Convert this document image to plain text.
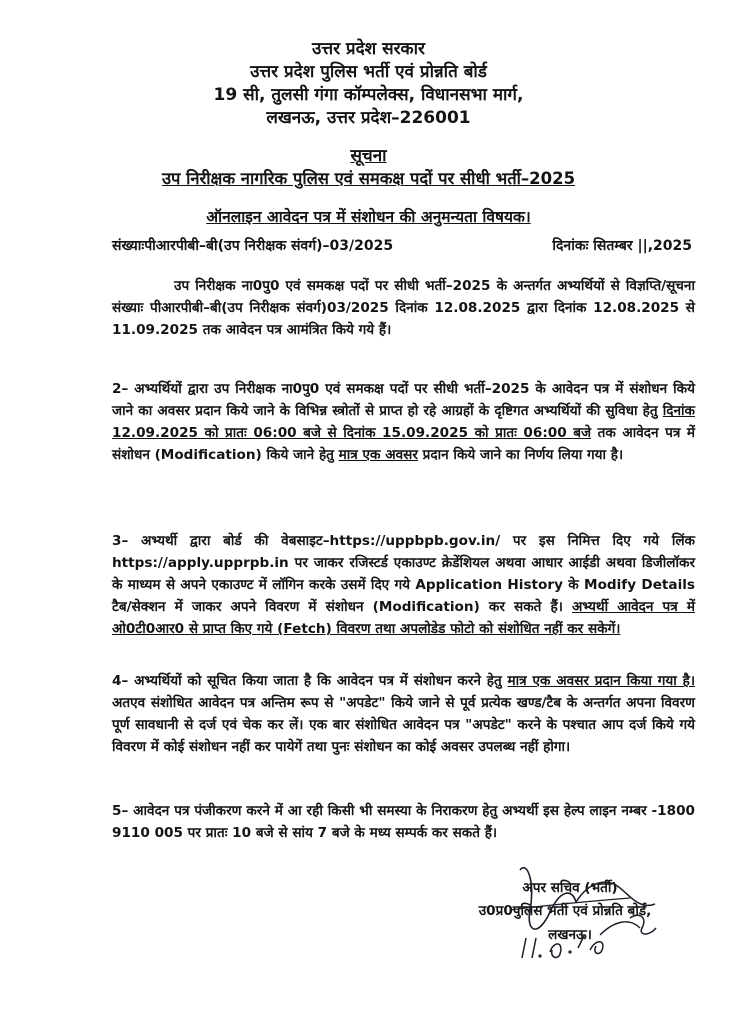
उत्तर प्रदेश सरकार
उत्तर प्रदेश पुलिस भर्ती एवं प्रोन्नति बोर्ड
19 सी, तुलसी गंगा कॉम्पलेक्स, विधानसभा मार्ग,
लखनऊ, उत्तर प्रदेश–226001
सूचना
उप निरीक्षक नागरिक पुलिस एवं समकक्ष पदों पर सीधी भर्ती–2025
ऑनलाइन आवेदन पत्र में संशोधन की अनुमन्यता विषयक।
संख्याःपीआरपीबी–बी(उप निरीक्षक संवर्ग)–03/2025	दिनांकः सितम्बर ||,2025
उप निरीक्षक ना0पु0 एवं समकक्ष पदों पर सीधी भर्ती–2025 के अन्तर्गत अभ्यर्थियों से विज्ञप्ति/सूचना संख्याः पीआरपीबी–बी(उप निरीक्षक संवर्ग)03/2025 दिनांक 12.08.2025 द्वारा दिनांक 12.08.2025 से 11.09.2025 तक आवेदन पत्र आमंत्रित किये गये हैं।
2– अभ्यर्थियों द्वारा उप निरीक्षक ना0पु0 एवं समकक्ष पदों पर सीधी भर्ती–2025 के आवेदन पत्र में संशोधन किये जाने का अवसर प्रदान किये जाने के विभिन्न स्त्रोतों से प्राप्त हो रहे आग्रहों के दृष्टिगत अभ्यर्थियों की सुविधा हेतु दिनांक 12.09.2025 को प्रातः 06:00 बजे से दिनांक 15.09.2025 को प्रातः 06:00 बजे तक आवेदन पत्र में संशोधन (Modification) किये जाने हेतु मात्र एक अवसर प्रदान किये जाने का निर्णय लिया गया है।
3– अभ्यर्थी द्वारा बोर्ड की वेबसाइट–https://uppbpb.gov.in/ पर इस निमित्त दिए गये लिंक https://apply.upprpb.in पर जाकर रजिस्टर्ड एकाउण्ट क्रेडेंशियल अथवा आधार आईडी अथवा डिजीलॉकर के माध्यम से अपने एकाउण्ट में लॉगिन करके उसमें दिए गये Application History के Modify Details टैब/सेक्शन में जाकर अपने विवरण में संशोधन (Modification) कर सकते हैं। अभ्यर्थी आवेदन पत्र में ओ0टी0आर0 से प्राप्त किए गये (Fetch) विवरण तथा अपलोडेड फोटो को संशोधित नहीं कर सकेगें।
4– अभ्यर्थियों को सूचित किया जाता है कि आवेदन पत्र में संशोधन करने हेतु मात्र एक अवसर प्रदान किया गया है। अतएव संशोधित आवेदन पत्र अन्तिम रूप से "अपडेट" किये जाने से पूर्व प्रत्येक खण्ड/टैब के अन्तर्गत अपना विवरण पूर्ण सावधानी से दर्ज एवं चेक कर लें। एक बार संशोधित आवेदन पत्र "अपडेट" करने के पश्चात आप दर्ज किये गये विवरण में कोई संशोधन नहीं कर पायेगें तथा पुनः संशोधन का कोई अवसर उपलब्ध नहीं होगा।
5– आवेदन पत्र पंजीकरण करने में आ रही किसी भी समस्या के निराकरण हेतु अभ्यर्थी इस हेल्प लाइन नम्बर -1800 9110 005 पर प्रातः 10 बजे से सांय 7 बजे के मध्य सम्पर्क कर सकते हैं।
अपर सचिव (भर्ती)
उ0प्र0पुलिस भर्ती एवं प्रोन्नति बोर्ड,
लखनऊ।
